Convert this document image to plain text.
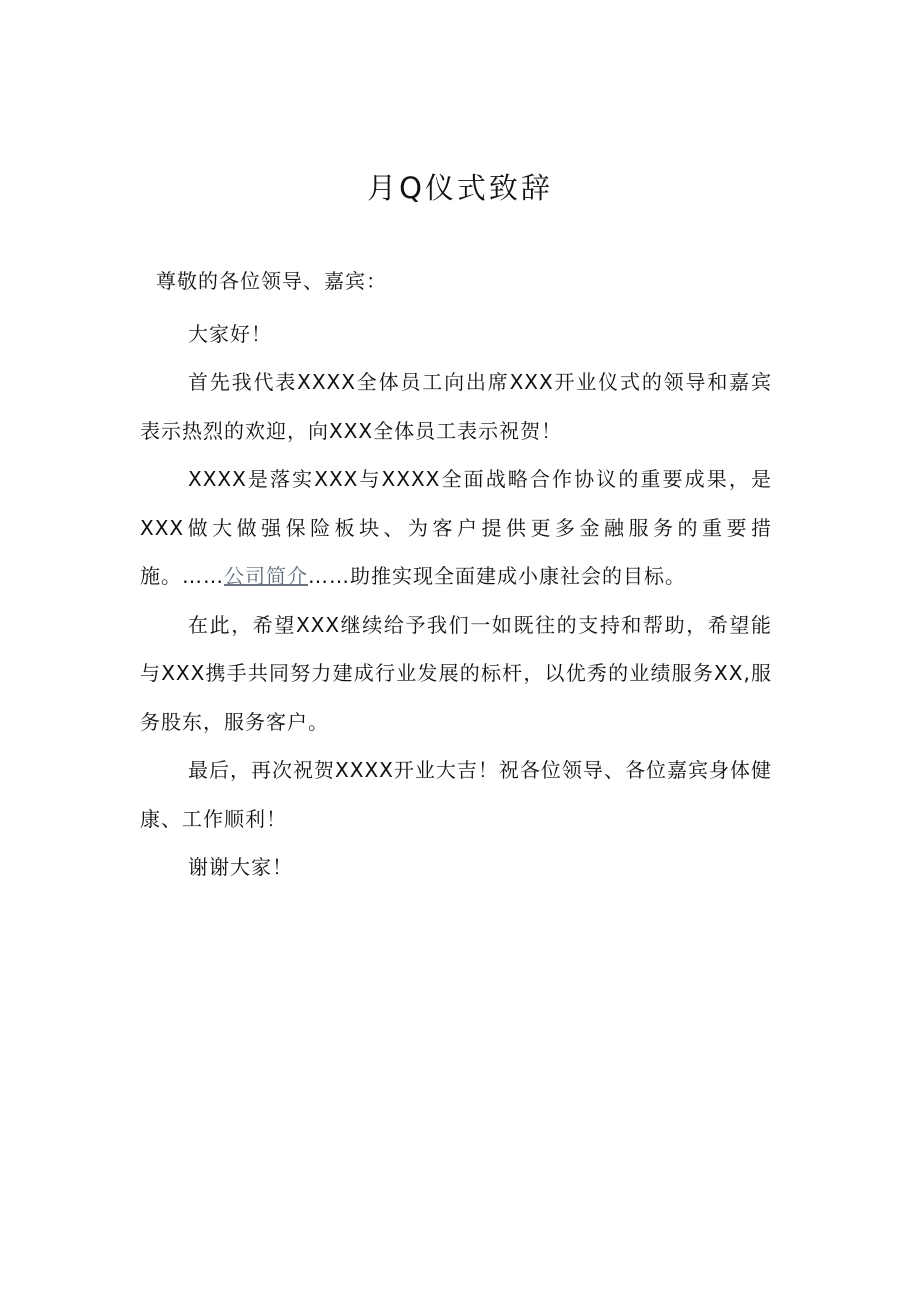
月Q仪式致辞

尊敬的各位领导、嘉宾：

大家好！

首先我代表XXXX全体员工向出席XXX开业仪式的领导和嘉宾表示热烈的欢迎，向XXX全体员工表示祝贺！

XXXX是落实XXX与XXXX全面战略合作协议的重要成果，是XXX做大做强保险板块、为客户提供更多金融服务的重要措施。……公司简介……助推实现全面建成小康社会的目标。

在此，希望XXX继续给予我们一如既往的支持和帮助，希望能与XXX携手共同努力建成行业发展的标杆，以优秀的业绩服务XX,服务股东，服务客户。

最后，再次祝贺XXXX开业大吉！祝各位领导、各位嘉宾身体健康、工作顺利！

谢谢大家！
